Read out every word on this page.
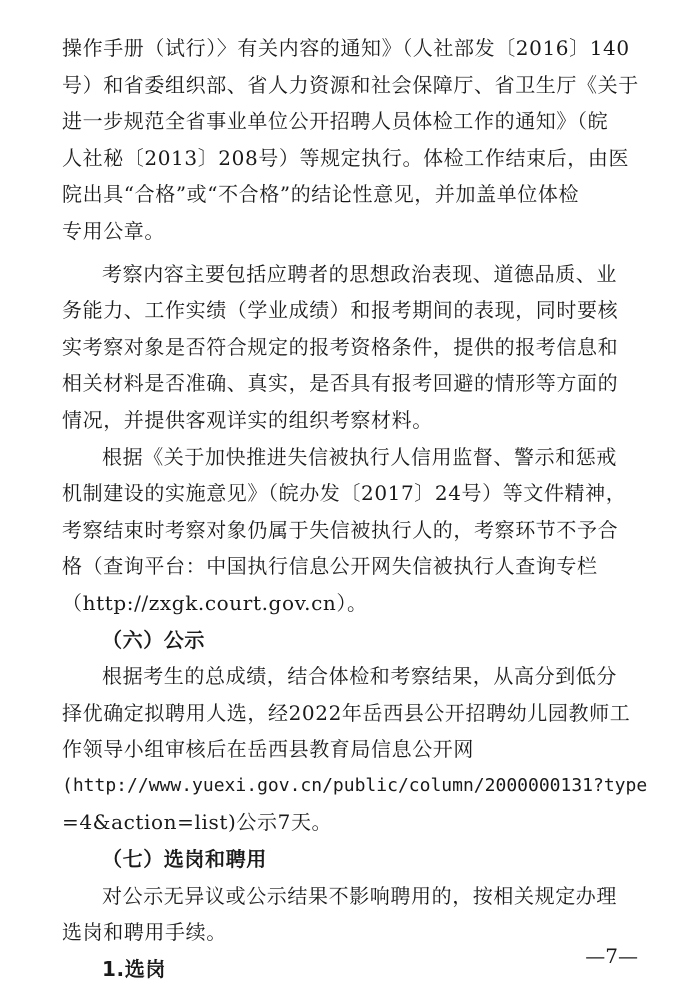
操作手册（试行）〉有关内容的通知》（人社部发〔2016〕140
号）和省委组织部、省人力资源和社会保障厅、省卫生厅《关于
进一步规范全省事业单位公开招聘人员体检工作的通知》（皖
人社秘〔2013〕208号）等规定执行。体检工作结束后，由医
院出具“合格”或“不合格”的结论性意见，并加盖单位体检
专用公章。
考察内容主要包括应聘者的思想政治表现、道德品质、业
务能力、工作实绩（学业成绩）和报考期间的表现，同时要核
实考察对象是否符合规定的报考资格条件，提供的报考信息和
相关材料是否准确、真实，是否具有报考回避的情形等方面的
情况，并提供客观详实的组织考察材料。
根据《关于加快推进失信被执行人信用监督、警示和惩戒
机制建设的实施意见》（皖办发〔2017〕24号）等文件精神，
考察结束时考察对象仍属于失信被执行人的，考察环节不予合
格（查询平台：中国执行信息公开网失信被执行人查询专栏
（http://zxgk.court.gov.cn）。
（六）公示
根据考生的总成绩，结合体检和考察结果，从高分到低分
择优确定拟聘用人选，经2022年岳西县公开招聘幼儿园教师工
作领导小组审核后在岳西县教育局信息公开网
(http://www.yuexi.gov.cn/public/column/2000000131?type
=4&action=list)公示7天。
（七）选岗和聘用
对公示无异议或公示结果不影响聘用的，按相关规定办理
选岗和聘用手续。
1.选岗
—7—
